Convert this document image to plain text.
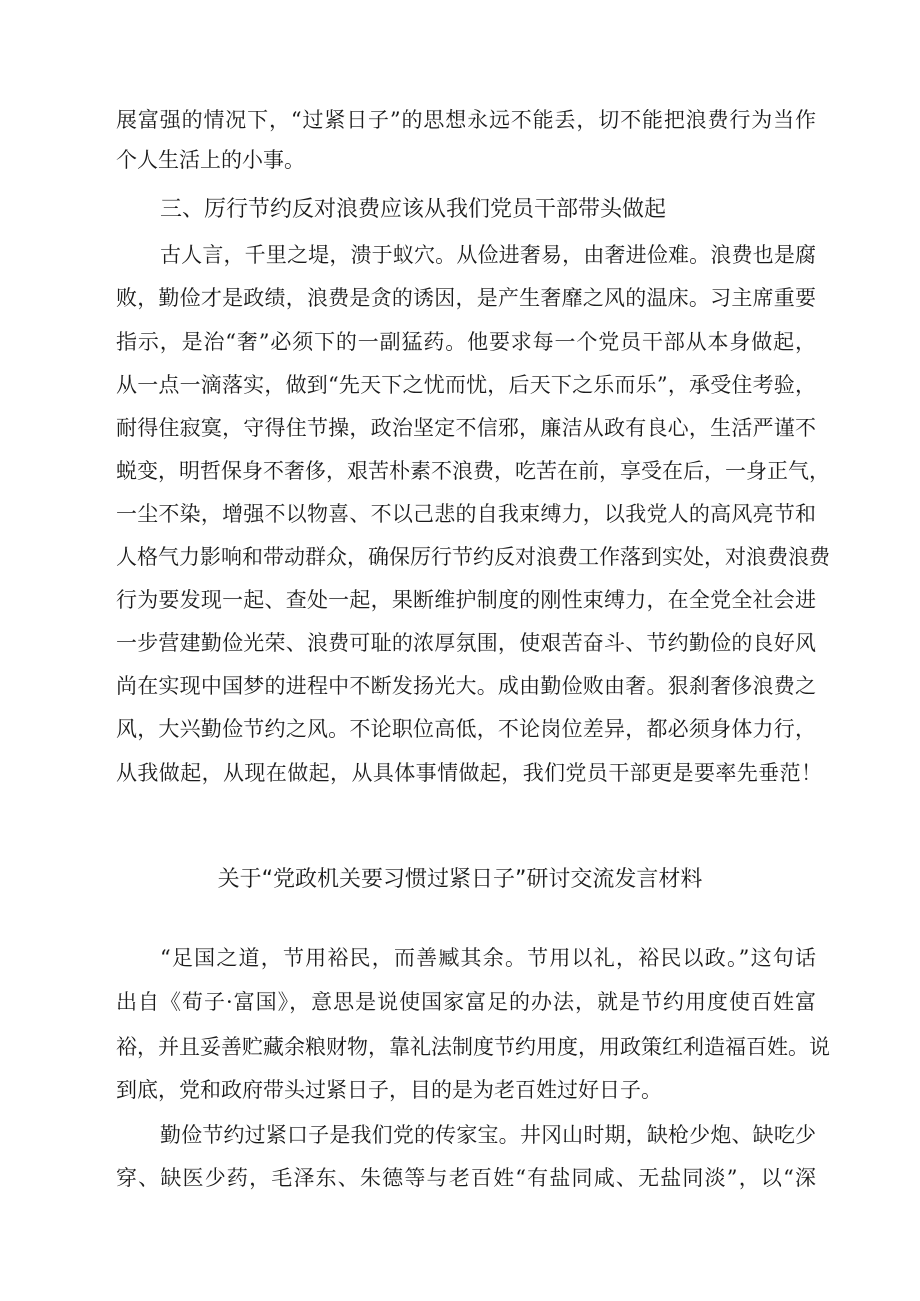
展富强的情况下，“过紧日子”的思想永远不能丢，切不能把浪费行为当作
个人生活上的小事。
三、厉行节约反对浪费应该从我们党员干部带头做起
古人言，千里之堤，溃于蚁穴。从俭进奢易，由奢进俭难。浪费也是腐
败，勤俭才是政绩，浪费是贪的诱因，是产生奢靡之风的温床。习主席重要
指示，是治“奢”必须下的一副猛药。他要求每一个党员干部从本身做起，
从一点一滴落实，做到“先天下之忧而忧，后天下之乐而乐”，承受住考验，
耐得住寂寞，守得住节操，政治坚定不信邪，廉洁从政有良心，生活严谨不
蜕变，明哲保身不奢侈，艰苦朴素不浪费，吃苦在前，享受在后，一身正气，
一尘不染，增强不以物喜、不以己悲的自我束缚力，以我党人的高风亮节和
人格气力影响和带动群众，确保厉行节约反对浪费工作落到实处，对浪费浪费
行为要发现一起、查处一起，果断维护制度的刚性束缚力，在全党全社会进
一步营建勤俭光荣、浪费可耻的浓厚氛围，使艰苦奋斗、节约勤俭的良好风
尚在实现中国梦的进程中不断发扬光大。成由勤俭败由奢。狠刹奢侈浪费之
风，大兴勤俭节约之风。不论职位高低，不论岗位差异，都必须身体力行，
从我做起，从现在做起，从具体事情做起，我们党员干部更是要率先垂范！
关于“党政机关要习惯过紧日子”研讨交流发言材料
“足国之道，节用裕民，而善臧其余。节用以礼，裕民以政。”这句话
出自《荀子·富国》，意思是说使国家富足的办法，就是节约用度使百姓富
裕，并且妥善贮藏余粮财物，靠礼法制度节约用度，用政策红利造福百姓。说
到底，党和政府带头过紧日子，目的是为老百姓过好日子。
勤俭节约过紧口子是我们党的传家宝。井冈山时期，缺枪少炮、缺吃少
穿、缺医少药，毛泽东、朱德等与老百姓“有盐同咸、无盐同淡”，以“深
